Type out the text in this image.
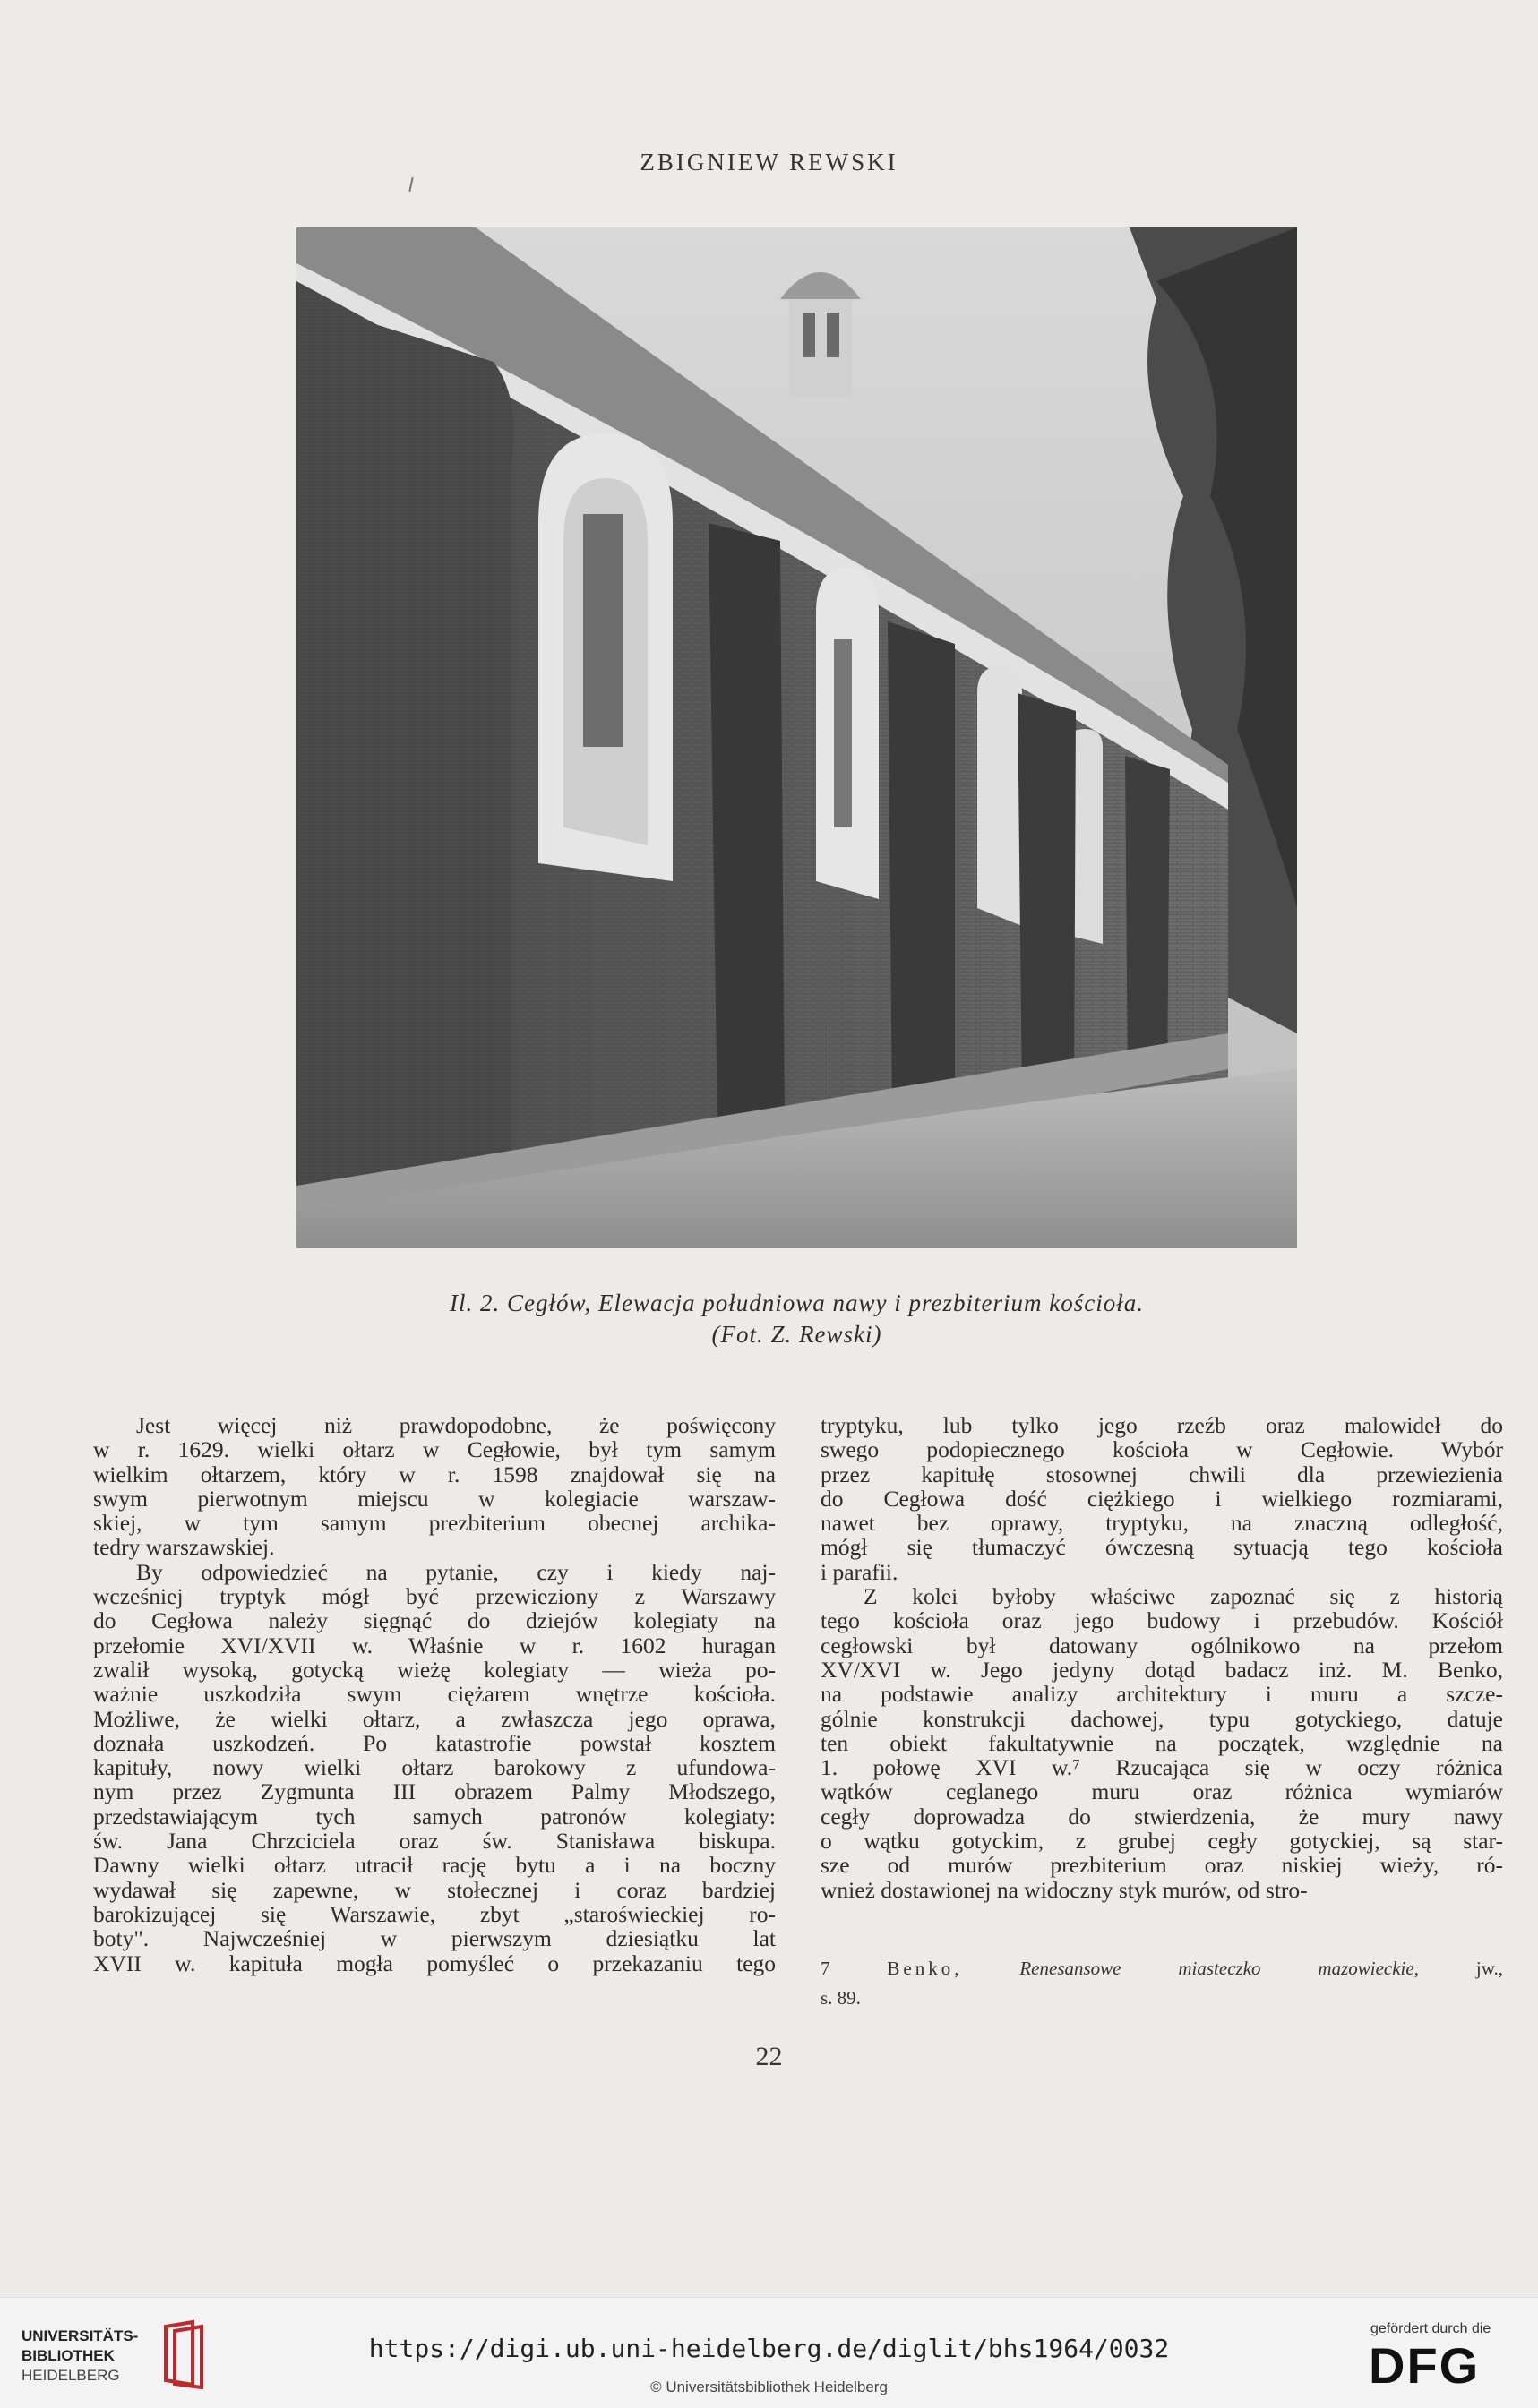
ZBIGNIEW REWSKI
Il. 2. Cegłów, Elewacja południowa nawy i prezbiterium kościoła.
(Fot. Z. Rewski)

Jest więcej niż prawdopodobne, że poświęcony
w r. 1629. wielki ołtarz w Cegłowie, był tym samym
wielkim ołtarzem, który w r. 1598 znajdował się na
swym pierwotnym miejscu w kolegiacie warszaw-
skiej, w tym samym prezbiterium obecnej archika-
tedry warszawskiej.

By odpowiedzieć na pytanie, czy i kiedy naj-
wcześniej tryptyk mógł być przewieziony z Warszawy
do Cegłowa należy sięgnąć do dziejów kolegiaty na
przełomie XVI/XVII w. Właśnie w r. 1602 huragan
zwalił wysoką, gotycką wieżę kolegiaty — wieża po-
ważnie uszkodziła swym ciężarem wnętrze kościoła.
Możliwe, że wielki ołtarz, a zwłaszcza jego oprawa,
doznała uszkodzeń. Po katastrofie powstał kosztem
kapituły, nowy wielki ołtarz barokowy z ufundowa-
nym przez Zygmunta III obrazem Palmy Młodszego,
przedstawiającym tych samych patronów kolegiaty:
św. Jana Chrzciciela oraz św. Stanisława biskupa.
Dawny wielki ołtarz utracił rację bytu a i na boczny
wydawał się zapewne, w stołecznej i coraz bardziej
barokizującej się Warszawie, zbyt „staroświeckiej ro-
boty". Najwcześniej w pierwszym dziesiątku lat
XVII w. kapituła mogła pomyśleć o przekazaniu tego

tryptyku, lub tylko jego rzeźb oraz malowideł do
swego podopiecznego kościoła w Cegłowie. Wybór
przez kapitułę stosownej chwili dla przewiezienia
do Cegłowa dość ciężkiego i wielkiego rozmiarami,
nawet bez oprawy, tryptyku, na znaczną odległość,
mógł się tłumaczyć ówczesną sytuacją tego kościoła
i parafii.

Z kolei byłoby właściwe zapoznać się z historią
tego kościoła oraz jego budowy i przebudów. Kościół
cegłowski był datowany ogólnikowo na przełom
XV/XVI w. Jego jedyny dotąd badacz inż. M. Benko,
na podstawie analizy architektury i muru a szcze-
gólnie konstrukcji dachowej, typu gotyckiego, datuje
ten obiekt fakultatywnie na początek, względnie na
1. połowę XVI w.⁷ Rzucająca się w oczy różnica
wątków ceglanego muru oraz różnica wymiarów
cegły doprowadza do stwierdzenia, że mury nawy
o wątku gotyckim, z grubej cegły gotyckiej, są star-
sze od murów prezbiterium oraz niskiej wieży, ró-
wnież dostawionej na widoczny styk murów, od stro-

7	Benko,	Renesansowe miasteczko mazowieckie,	jw.,
s. 89.
22
UNIVERSITÄTS-
BIBLIOTHEK
HEIDELBERG
https://digi.ub.uni-heidelberg.de/diglit/bhs1964/0032
© Universitätsbibliothek Heidelberg
gefördert durch die
DFG
